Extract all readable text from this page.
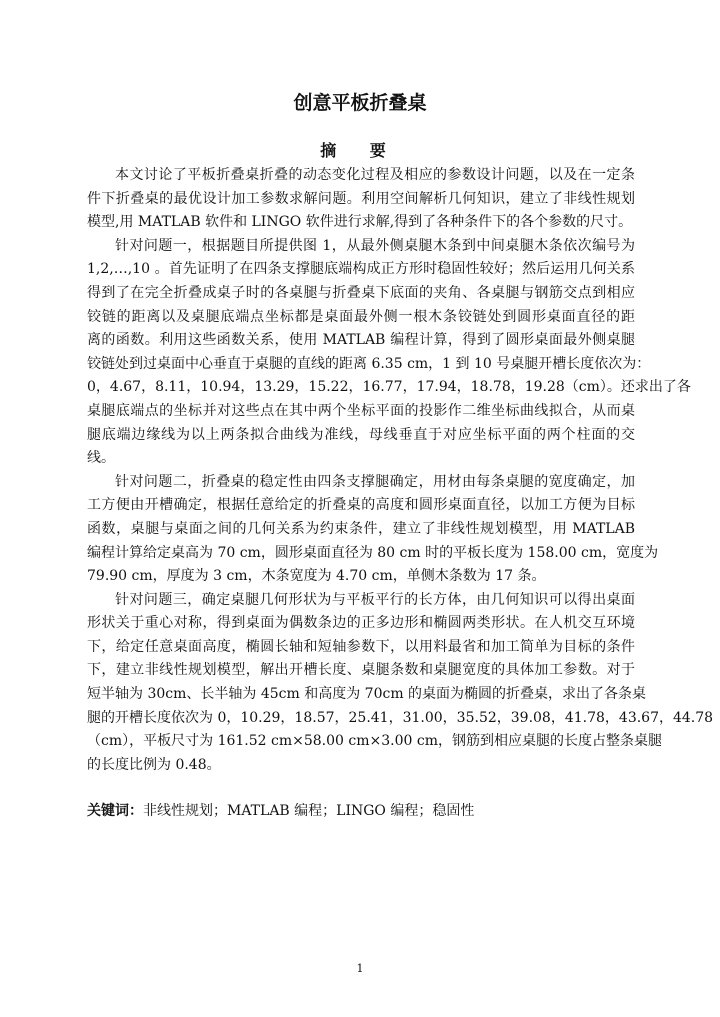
创意平板折叠桌
摘 要
本文讨论了平板折叠桌折叠的动态变化过程及相应的参数设计问题，以及在一定条
件下折叠桌的最优设计加工参数求解问题。利用空间解析几何知识，建立了非线性规划
模型,用 MATLAB 软件和 LINGO 软件进行求解,得到了各种条件下的各个参数的尺寸。
针对问题一，根据题目所提供图 1，从最外侧桌腿木条到中间桌腿木条依次编号为
1,2,…,10 。首先证明了在四条支撑腿底端构成正方形时稳固性较好；然后运用几何关系
得到了在完全折叠成桌子时的各桌腿与折叠桌下底面的夹角、各桌腿与钢筋交点到相应
铰链的距离以及桌腿底端点坐标都是桌面最外侧一根木条铰链处到圆形桌面直径的距
离的函数。利用这些函数关系，使用 MATLAB 编程计算，得到了圆形桌面最外侧桌腿
铰链处到过桌面中心垂直于桌腿的直线的距离 6.35 cm，1 到 10 号桌腿开槽长度依次为：
0，4.67，8.11，10.94，13.29，15.22，16.77，17.94，18.78，19.28（cm）。还求出了各
桌腿底端点的坐标并对这些点在其中两个坐标平面的投影作二维坐标曲线拟合，从而桌
腿底端边缘线为以上两条拟合曲线为准线，母线垂直于对应坐标平面的两个柱面的交
线。
针对问题二，折叠桌的稳定性由四条支撑腿确定，用材由每条桌腿的宽度确定，加
工方便由开槽确定，根据任意给定的折叠桌的高度和圆形桌面直径，以加工方便为目标
函数，桌腿与桌面之间的几何关系为约束条件，建立了非线性规划模型，用 MATLAB
编程计算给定桌高为 70 cm，圆形桌面直径为 80 cm 时的平板长度为 158.00 cm，宽度为
79.90 cm，厚度为 3 cm，木条宽度为 4.70 cm，单侧木条数为 17 条。
针对问题三，确定桌腿几何形状为与平板平行的长方体，由几何知识可以得出桌面
形状关于重心对称，得到桌面为偶数条边的正多边形和椭圆两类形状。在人机交互环境
下，给定任意桌面高度，椭圆长轴和短轴参数下，以用料最省和加工简单为目标的条件
下，建立非线性规划模型，解出开槽长度、桌腿条数和桌腿宽度的具体加工参数。对于
短半轴为 30cm、长半轴为 45cm 和高度为 70cm 的桌面为椭圆的折叠桌，求出了各条桌
腿的开槽长度依次为 0，10.29，18.57，25.41，31.00，35.52，39.08，41.78，43.67，44.78
（cm），平板尺寸为 161.52 cm×58.00 cm×3.00 cm，钢筋到相应桌腿的长度占整条桌腿
的长度比例为 0.48。
关键词：非线性规划；MATLAB 编程；LINGO 编程；稳固性
1
